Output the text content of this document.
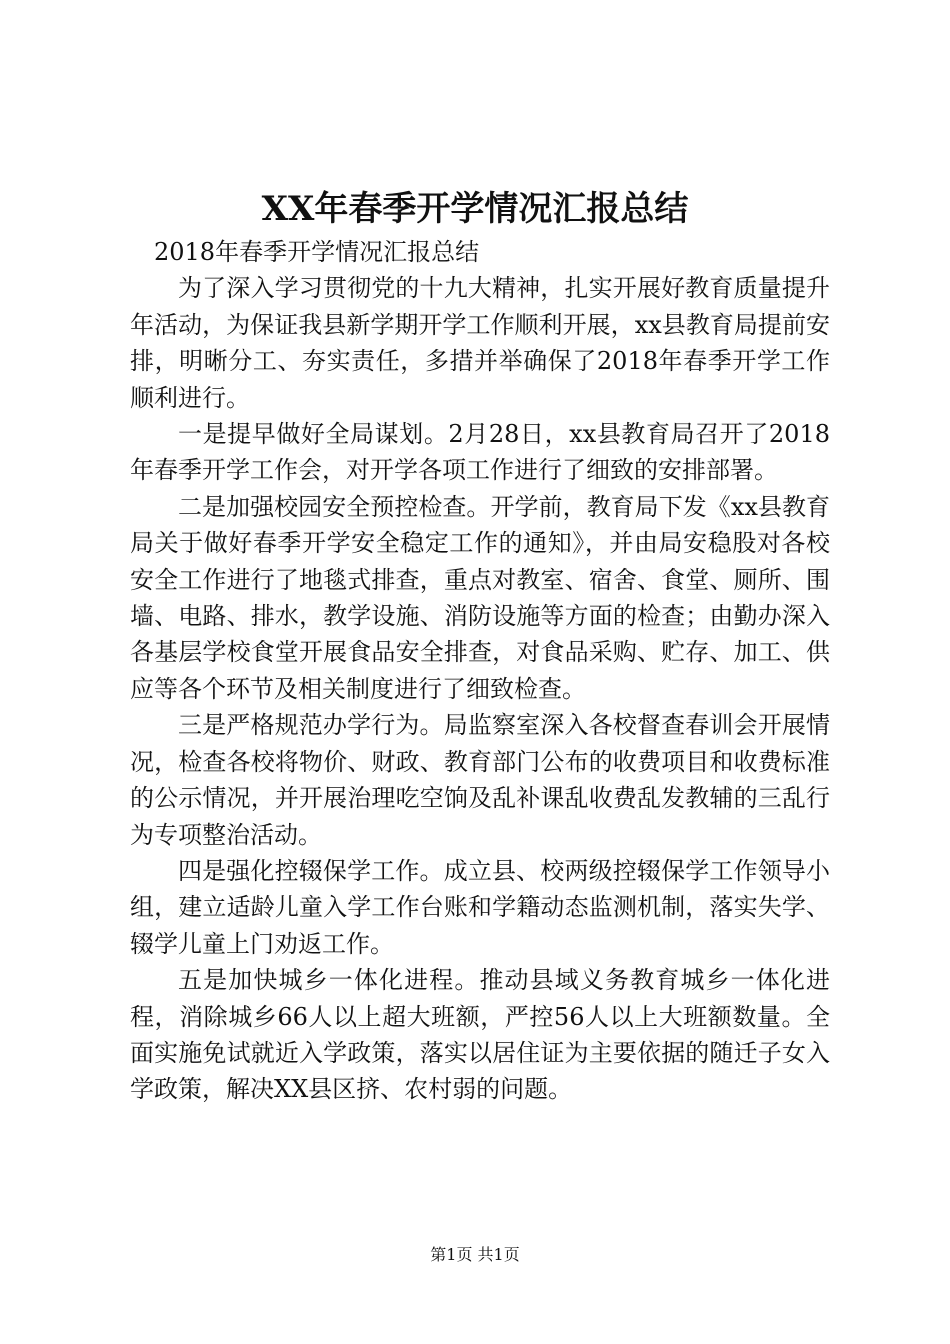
XX年春季开学情况汇报总结

2018年春季开学情况汇报总结

为了深入学习贯彻党的十九大精神，扎实开展好教育质量提升年活动，为保证我县新学期开学工作顺利开展，xx县教育局提前安排，明晰分工、夯实责任，多措并举确保了2018年春季开学工作顺利进行。

一是提早做好全局谋划。2月28日，xx县教育局召开了2018年春季开学工作会，对开学各项工作进行了细致的安排部署。

二是加强校园安全预控检查。开学前，教育局下发《xx县教育局关于做好春季开学安全稳定工作的通知》，并由局安稳股对各校安全工作进行了地毯式排查，重点对教室、宿舍、食堂、厕所、围墙、电路、排水，教学设施、消防设施等方面的检查；由勤办深入各基层学校食堂开展食品安全排查，对食品采购、贮存、加工、供应等各个环节及相关制度进行了细致检查。

三是严格规范办学行为。局监察室深入各校督查春训会开展情况，检查各校将物价、财政、教育部门公布的收费项目和收费标准的公示情况，并开展治理吃空饷及乱补课乱收费乱发教辅的三乱行为专项整治活动。

四是强化控辍保学工作。成立县、校两级控辍保学工作领导小组，建立适龄儿童入学工作台账和学籍动态监测机制，落实失学、辍学儿童上门劝返工作。

五是加快城乡一体化进程。推动县域义务教育城乡一体化进程，消除城乡66人以上超大班额，严控56人以上大班额数量。全面实施免试就近入学政策，落实以居住证为主要依据的随迁子女入学政策，解决XX县区挤、农村弱的问题。

第1页 共1页
